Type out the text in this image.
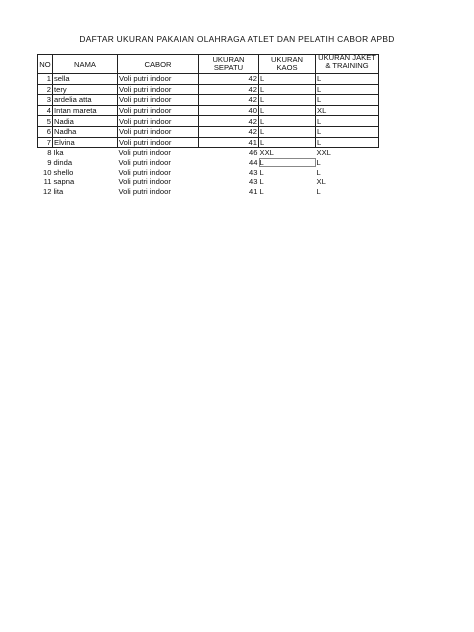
DAFTAR UKURAN PAKAIAN OLAHRAGA ATLET DAN PELATIH CABOR APBD
NO	NAMA	CABOR	UKURAN SEPATU	UKURAN KAOS	UKURAN JAKET & TRAINING

1	sella	Voli putri indoor	42	L	L
2	tery	Voli putri indoor	42	L	L
3	ardelia atta	Voli putri indoor	42	L	L
4	Intan mareta	Voli putri indoor	40	L	XL
5	Nadia	Voli putri indoor	42	L	L
6	Nadha	Voli putri indoor	42	L	L
7	Elvina	Voli putri indoor	41	L	L
8	Ika	Voli putri indoor	46	XXL	XXL
9	dinda	Voli putri indoor	44	L	L
10	shello	Voli putri indoor	43	L	L
11	sapna	Voli putri indoor	43	L	XL
12	lita	Voli putri indoor	41	L	L
